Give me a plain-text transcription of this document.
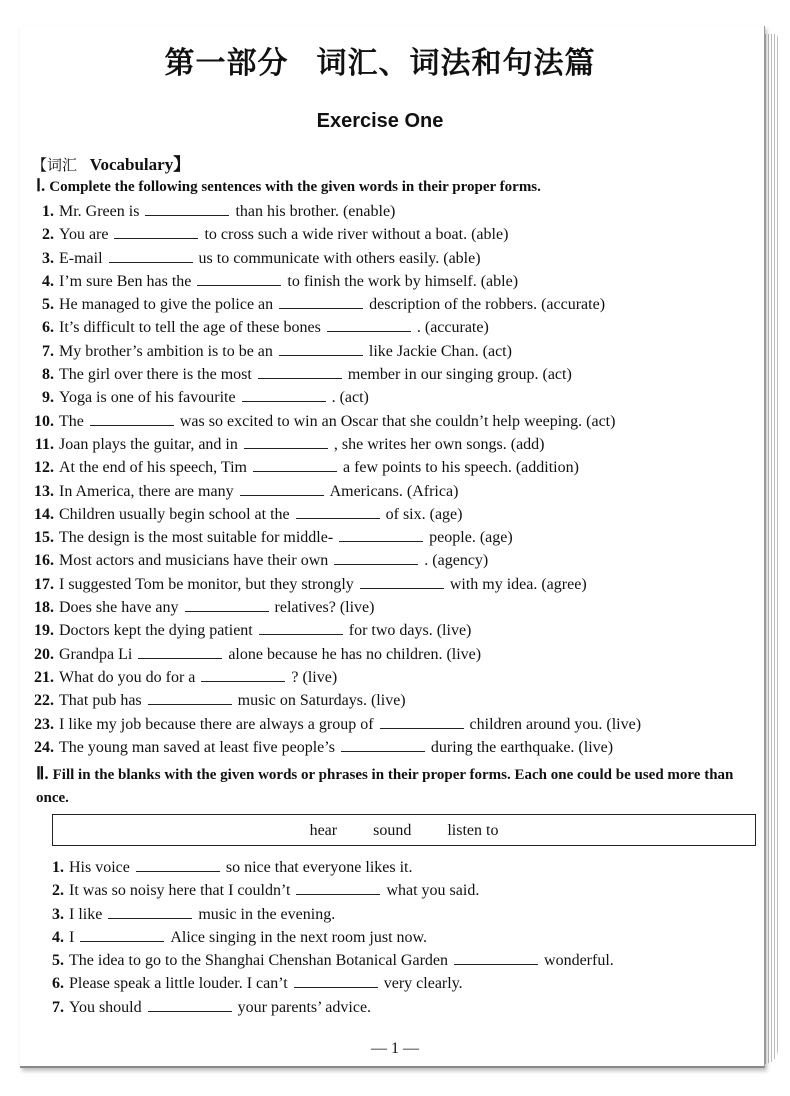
第一部分 词汇、词法和句法篇
Exercise One
【词汇 Vocabulary】
Ⅰ. Complete the following sentences with the given words in their proper forms.
1. Mr. Green is	than his brother. (enable)
2. You are	to cross such a wide river without a boat. (able)
3. E-mail	us to communicate with others easily. (able)
4. I’m sure Ben has the	to finish the work by himself. (able)
5. He managed to give the police an	description of the robbers. (accurate)
6. It’s difficult to tell the age of these bones	. (accurate)
7. My brother’s ambition is to be an	like Jackie Chan. (act)
8. The girl over there is the most	member in our singing group. (act)
9. Yoga is one of his favourite	. (act)
10. The	was so excited to win an Oscar that she couldn’t help weeping. (act)
11. Joan plays the guitar, and in	, she writes her own songs. (add)
12. At the end of his speech, Tim	a few points to his speech. (addition)
13. In America, there are many	Americans. (Africa)
14. Children usually begin school at the	of six. (age)
15. The design is the most suitable for middle-	people. (age)
16. Most actors and musicians have their own	. (agency)
17. I suggested Tom be monitor, but they strongly	with my idea. (agree)
18. Does she have any	relatives? (live)
19. Doctors kept the dying patient	for two days. (live)
20. Grandpa Li	alone because he has no children. (live)
21. What do you do for a	? (live)
22. That pub has	music on Saturdays. (live)
23. I like my job because there are always a group of	children around you. (live)
24. The young man saved at least five people’s	during the earthquake. (live)
Ⅱ. Fill in the blanks with the given words or phrases in their proper forms. Each one could be used more than once.
hear sound listen to
1. His voice	so nice that everyone likes it.
2. It was so noisy here that I couldn’t	what you said.
3. I like	music in the evening.
4. I	Alice singing in the next room just now.
5. The idea to go to the Shanghai Chenshan Botanical Garden	wonderful.
6. Please speak a little louder. I can’t	very clearly.
7. You should	your parents’ advice.
— 1 —
